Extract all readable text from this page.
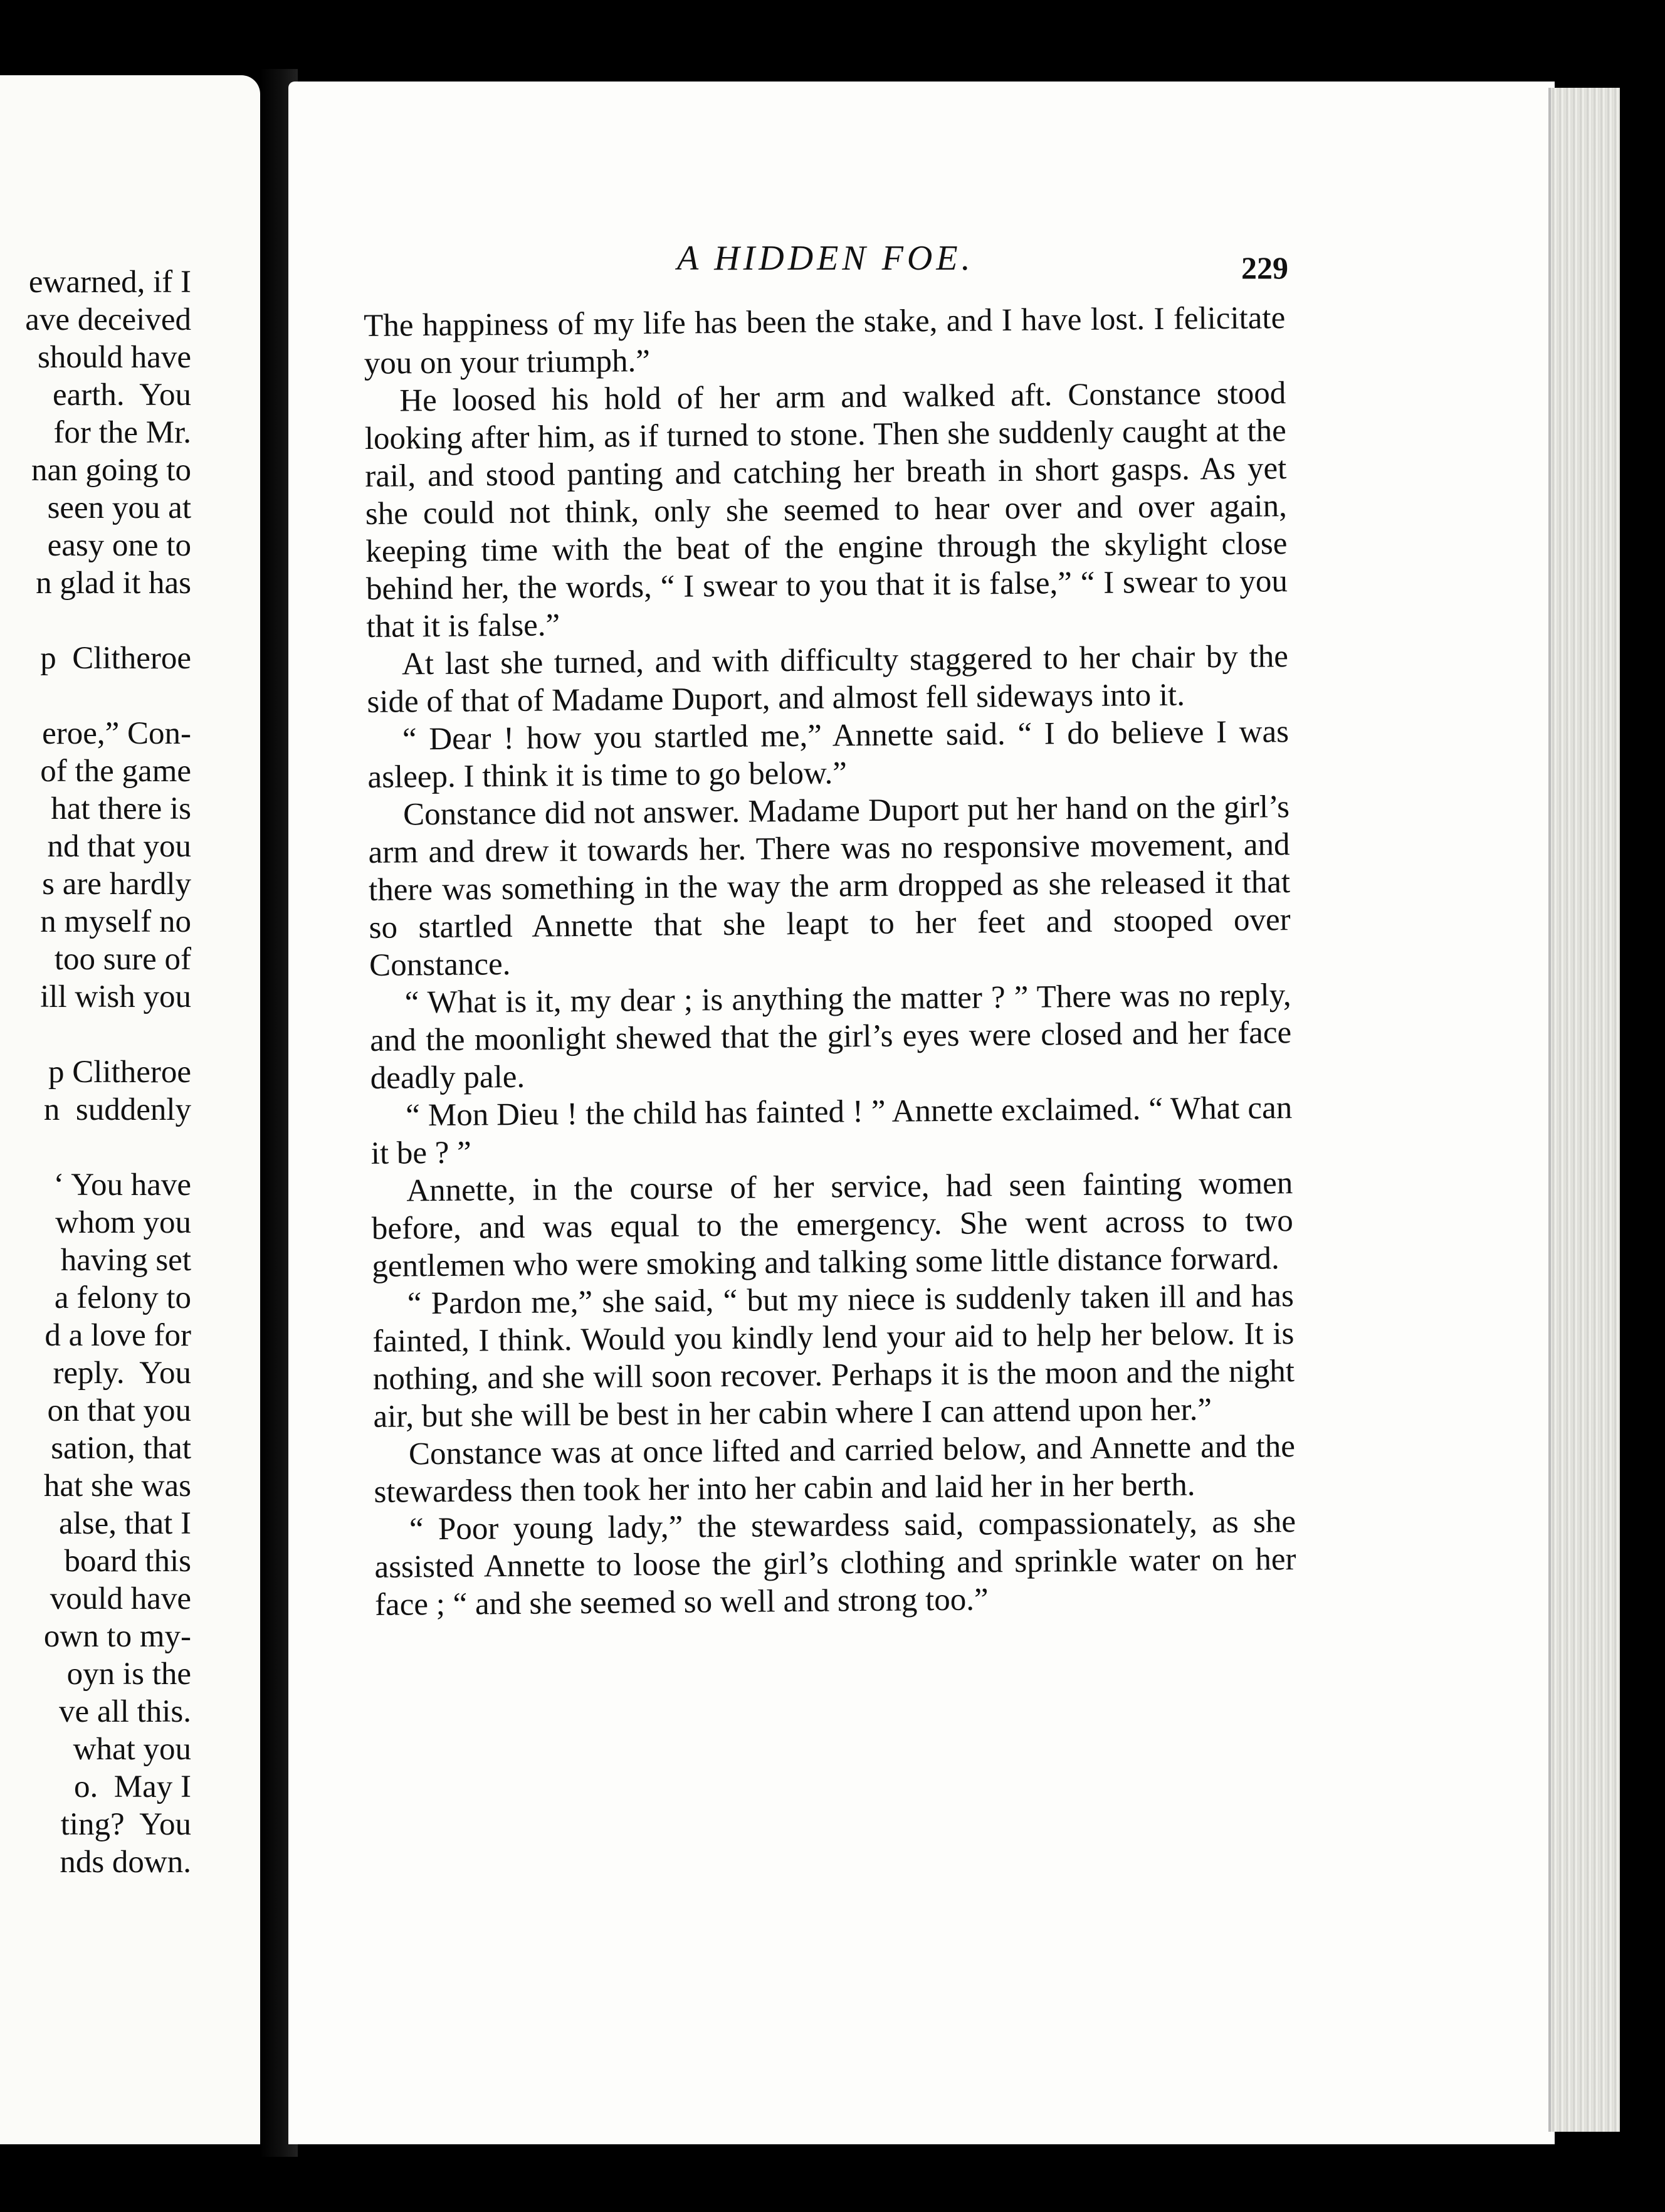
ewarned, if I
ave deceived
should have
earth.  You
for the Mr.
nan going to
seen you at
easy one to
n glad it has
p  Clitheroe
eroe,” Con-
of the game
hat there is
nd that you
s are hardly
n myself no
too sure of
ill wish you
p Clitheroe
n  suddenly
‘ You have
whom you
having set
a felony to
d a love for
reply.  You
on that you
sation, that
hat she was
alse, that I
board this
vould have
own to my-
oyn is the
ve all this.
what you
o.  May I
ting?  You
nds down.
A HIDDEN FOE.	229

The happiness of my life has been the stake, and I have lost. I felicitate you on your triumph.”

He loosed his hold of her arm and walked aft. Constance stood looking after him, as if turned to stone. Then she suddenly caught at the rail, and stood panting and catching her breath in short gasps. As yet she could not think, only she seemed to hear over and over again, keeping time with the beat of the engine through the skylight close behind her, the words, “ I swear to you that it is false,” “ I swear to you that it is false.”

At last she turned, and with difficulty staggered to her chair by the side of that of Madame Duport, and almost fell sideways into it.

“ Dear ! how you startled me,” Annette said. “ I do believe I was asleep. I think it is time to go below.”

Constance did not answer. Madame Duport put her hand on the girl’s arm and drew it towards her. There was no responsive movement, and there was something in the way the arm dropped as she released it that so startled Annette that she leapt to her feet and stooped over Constance.

“ What is it, my dear ; is anything the matter ? ” There was no reply, and the moonlight shewed that the girl’s eyes were closed and her face deadly pale.

“ Mon Dieu ! the child has fainted ! ” Annette exclaimed. “ What can it be ? ”

Annette, in the course of her service, had seen fainting women before, and was equal to the emergency. She went across to two gentlemen who were smoking and talking some little distance forward.

“ Pardon me,” she said, “ but my niece is suddenly taken ill and has fainted, I think. Would you kindly lend your aid to help her below. It is nothing, and she will soon recover. Perhaps it is the moon and the night air, but she will be best in her cabin where I can attend upon her.”

Constance was at once lifted and carried below, and Annette and the stewardess then took her into her cabin and laid her in her berth.

“ Poor young lady,” the stewardess said, compassionately, as she assisted Annette to loose the girl’s clothing and sprinkle water on her face ; “ and she seemed so well and strong too.”
